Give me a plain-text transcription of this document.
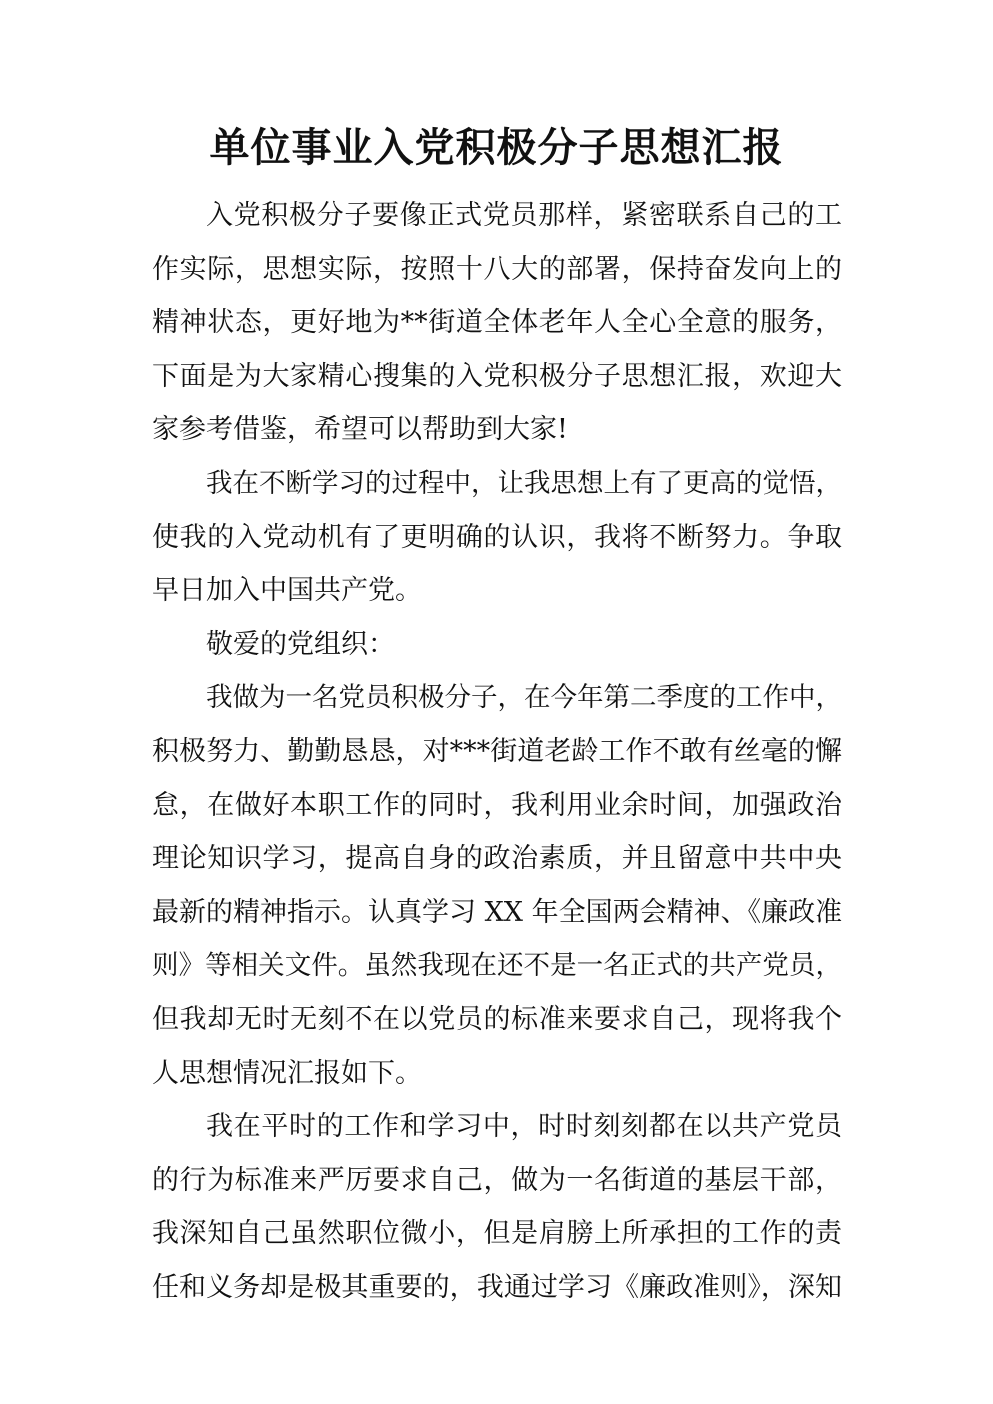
单位事业入党积极分子思想汇报
入党积极分子要像正式党员那样，紧密联系自己的工
作实际，思想实际，按照十八大的部署，保持奋发向上的
精神状态，更好地为**街道全体老年人全心全意的服务，
下面是为大家精心搜集的入党积极分子思想汇报，欢迎大
家参考借鉴，希望可以帮助到大家!
我在不断学习的过程中，让我思想上有了更高的觉悟，
使我的入党动机有了更明确的认识，我将不断努力。争取
早日加入中国共产党。
敬爱的党组织：
我做为一名党员积极分子，在今年第二季度的工作中，
积极努力、勤勤恳恳，对***街道老龄工作不敢有丝毫的懈
怠，在做好本职工作的同时，我利用业余时间，加强政治
理论知识学习，提高自身的政治素质，并且留意中共中央
最新的精神指示。认真学习 XX 年全国两会精神、《廉政准
则》等相关文件。虽然我现在还不是一名正式的共产党员，
但我却无时无刻不在以党员的标准来要求自己，现将我个
人思想情况汇报如下。
我在平时的工作和学习中，时时刻刻都在以共产党员
的行为标准来严厉要求自己，做为一名街道的基层干部，
我深知自己虽然职位微小，但是肩膀上所承担的工作的责
任和义务却是极其重要的，我通过学习《廉政准则》，深知
